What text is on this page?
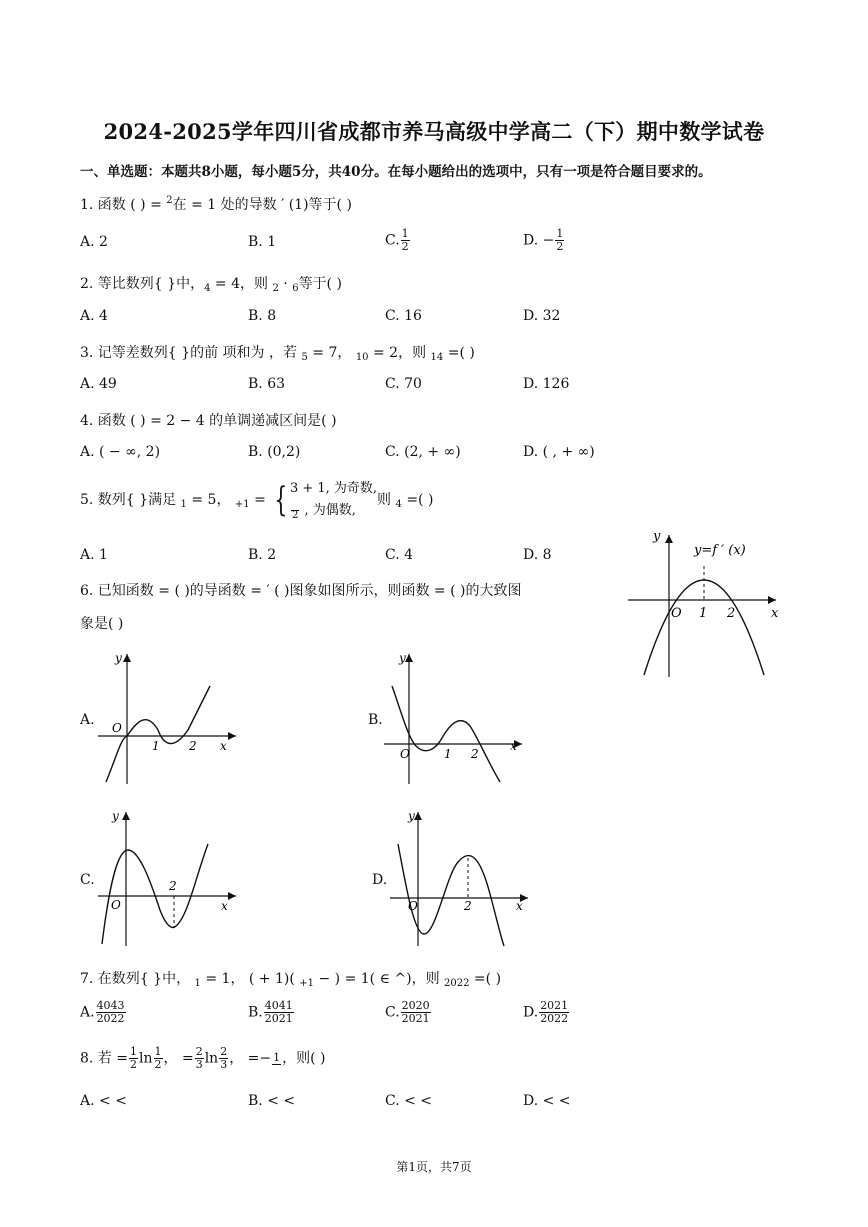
2024-2025学年四川省成都市养马高级中学高二（下）期中数学试卷
一、单选题：本题共8小题，每小题5分，共40分。在每小题给出的选项中，只有一项是符合题目要求的。
1. 函数 ( ) = $^2$在 = 1 处的导数 ′ (1)等于( )
A. 2	B. 1	C. $\frac{1}{2}$	D. − $\frac{1}{2}$
2. 等比数列{ }中，$_4$ = 4，则 $_2$ · $_6$等于( )
A. 4	B. 8	C. 16	D. 32
3. 记等差数列{ }的前 项和为 ，若 $_5$ = 7， $_{10}$ = 2，则 $_{14}$ =( )
A. 49	B. 63	C. 70	D. 126
4. 函数 ( ) = 2 − 4 的单调递减区间是( )
A. ( − ∞, 2)	B. (0,2)	C. (2, + ∞)	D. ( , + ∞)
5. 数列{ }满足 $_1$ = 5， $_{+1}$ = { 3 + 1, 为奇数,

2 , 为偶数,
则 $_4$ =( )
A. 1	B. 2	C. 4	D. 8
6. 已知函数 = ( )的导函数 = ′ ( )图象如图所示，则函数 = ( )的大致图
象是( )
y
x
O 1 2
y=f ′ (x)
A.
y
x
O
1 2
B.
y
x
O	1 2
C.
y
x
O
2	D.
y
x
O	2
7. 在数列{ }中， $_1$ = 1， ( + 1)( $_{+1}$ − ) = 1( ∈ ^)，则 $_{2022}$ =( )
A. $\frac{4043}{2022}$	B. $\frac{4041}{2021}$	C. $\frac{2020}{2021}$	D. $\frac{2021}{2022}$
8. 若 = $\frac{1}{2}$ $\ln \frac{1}{2}$ ， = $\frac{2}{3}$ $\ln \frac{2}{3}$ ， =− 1 ，则( )
A. < <	B. < <	C. < <	D. < <
第1页，共7页
